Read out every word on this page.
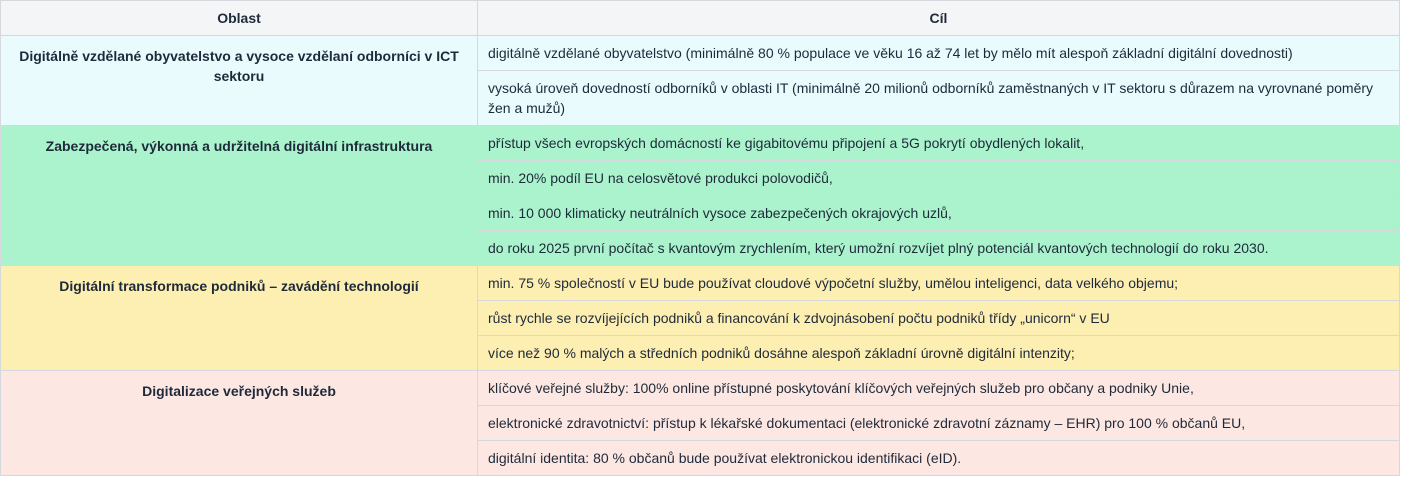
Oblast	Cíl
Digitálně vzdělané obyvatelstvo a vysoce vzdělaní odborníci v ICT sektoru	digitálně vzdělané obyvatelstvo (minimálně 80 % populace ve věku 16 až 74 let by mělo mít alespoň základní digitální dovednosti)
	vysoká úroveň dovedností odborníků v oblasti IT (minimálně 20 milionů odborníků zaměstnaných v IT sektoru s důrazem na vyrovnané poměry žen a mužů)
Zabezpečená, výkonná a udržitelná digitální infrastruktura	přístup všech evropských domácností ke gigabitovému připojení a 5G pokrytí obydlených lokalit,
	min. 20% podíl EU na celosvětové produkci polovodičů,
	min. 10 000 klimaticky neutrálních vysoce zabezpečených okrajových uzlů,
	do roku 2025 první počítač s kvantovým zrychlením, který umožní rozvíjet plný potenciál kvantových technologií do roku 2030.
Digitální transformace podniků – zavádění technologií	min. 75 % společností v EU bude používat cloudové výpočetní služby, umělou inteligenci, data velkého objemu;
	růst rychle se rozvíjejících podniků a financování k zdvojnásobení počtu podniků třídy „unicorn“ v EU
	více než 90 % malých a středních podniků dosáhne alespoň základní úrovně digitální intenzity;
Digitalizace veřejných služeb	klíčové veřejné služby: 100% online přístupné poskytování klíčových veřejných služeb pro občany a podniky Unie,
	elektronické zdravotnictví: přístup k lékařské dokumentaci (elektronické zdravotní záznamy – EHR) pro 100 % občanů EU,
	digitální identita: 80 % občanů bude používat elektronickou identifikaci (eID).
